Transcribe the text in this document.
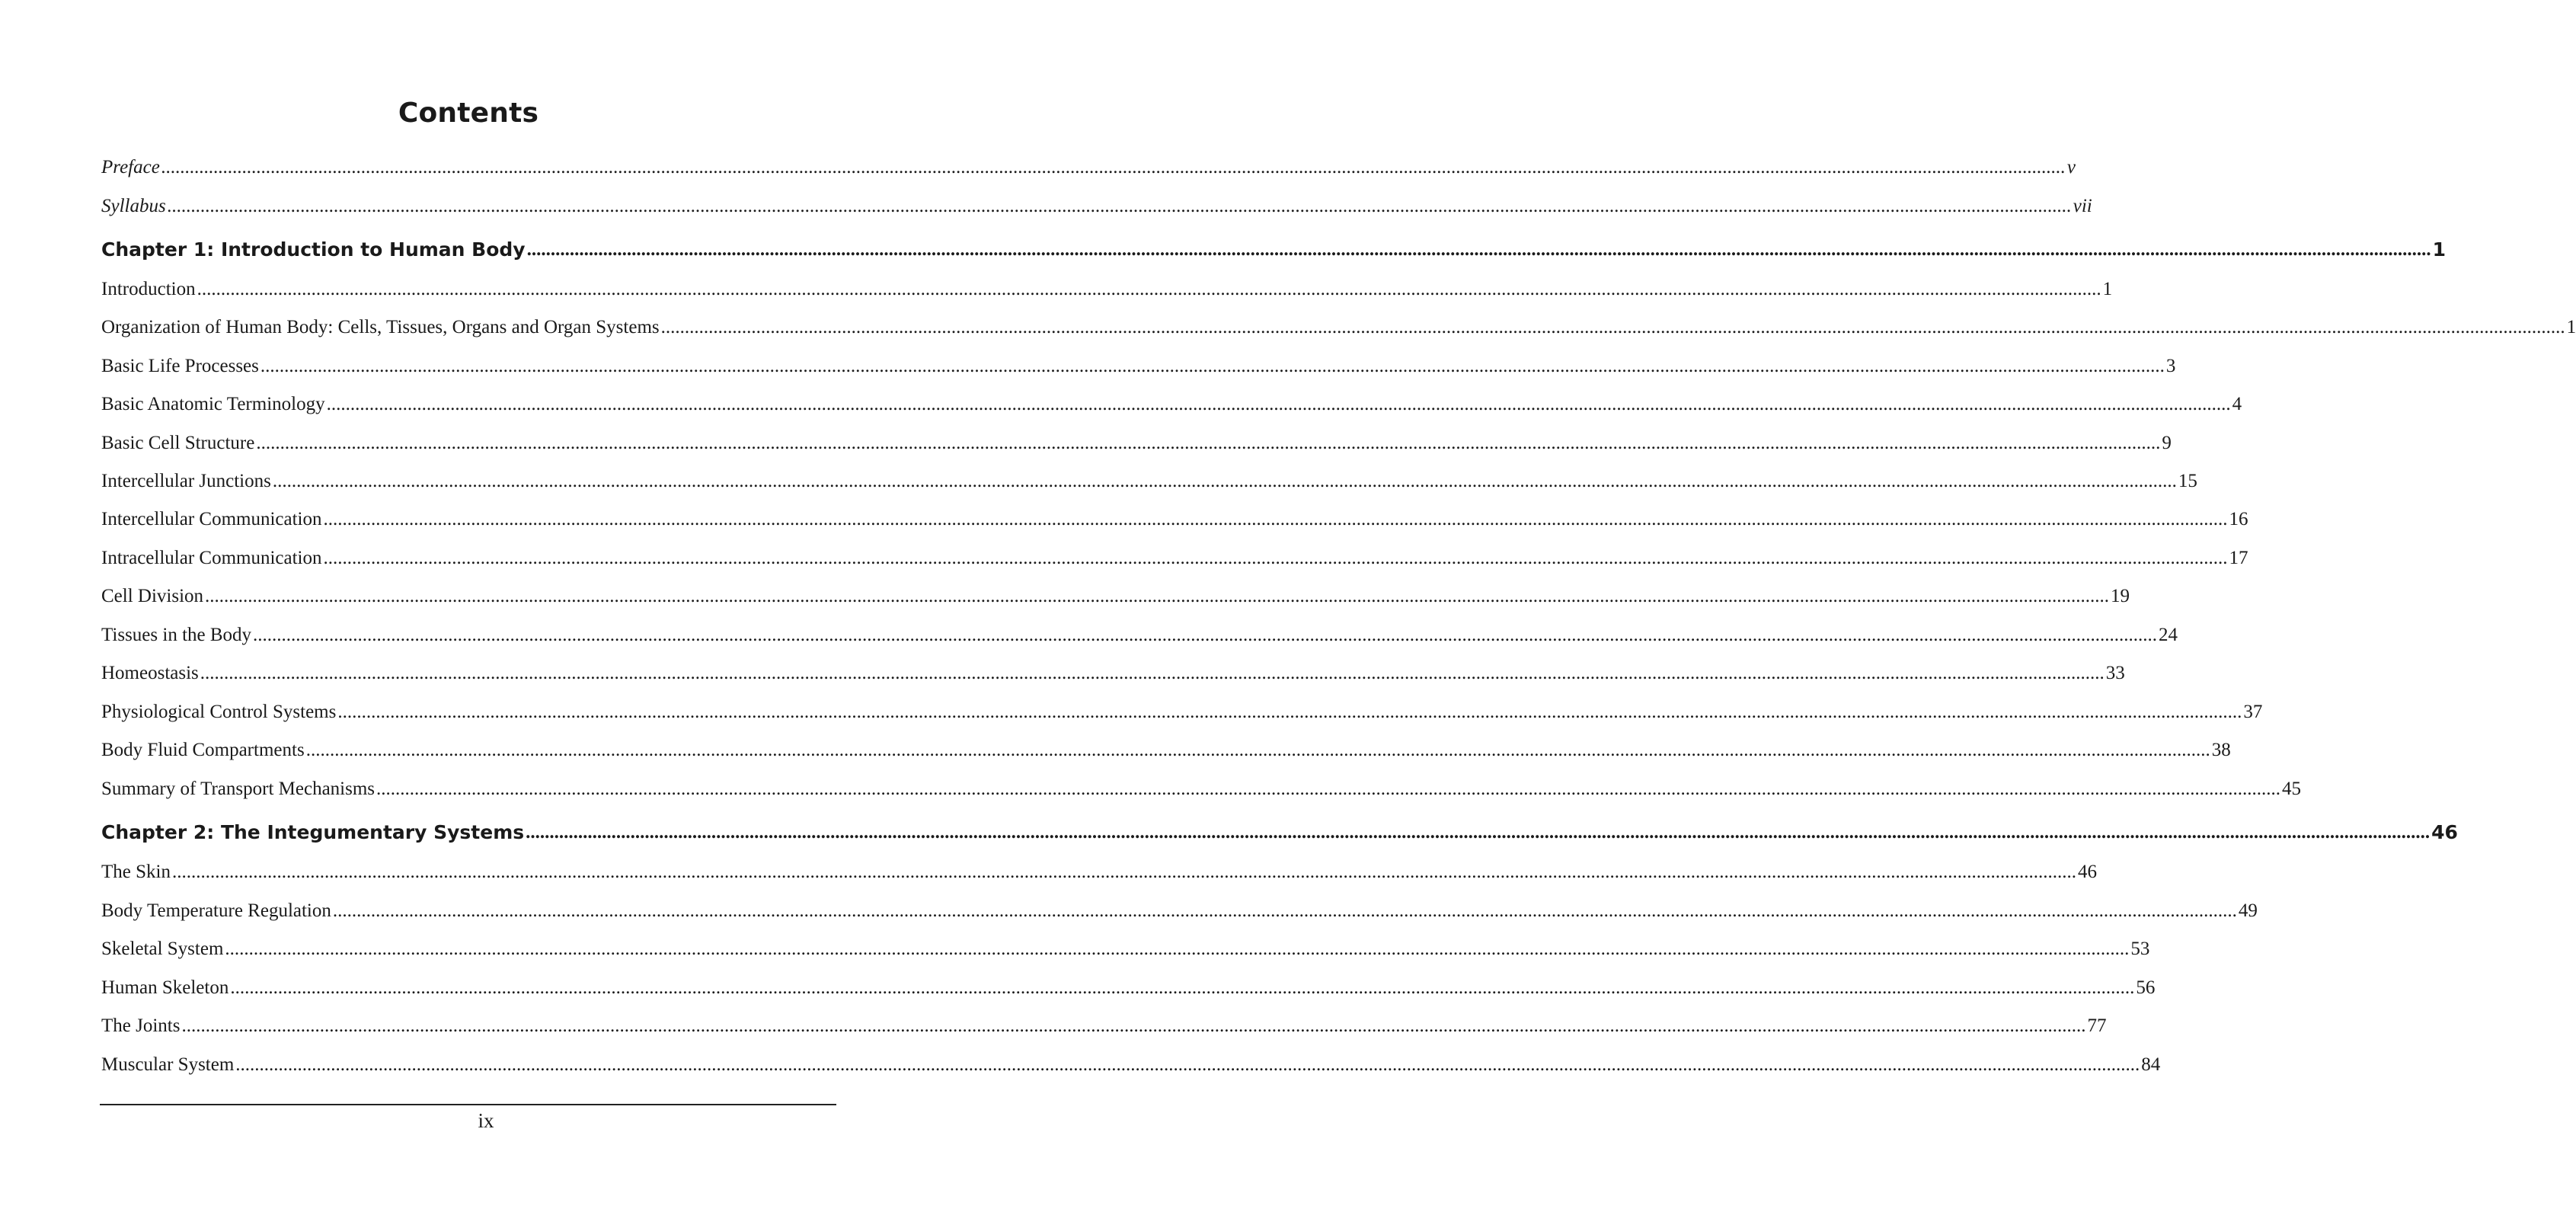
Contents
Preface ................................................................................................................................................................................................................................................................................................................................................................................................................ v
Syllabus ................................................................................................................................................................................................................................................................................................................................................................................................................ vii
Chapter 1: Introduction to Human Body ................................................................................................................................................................................................................................................................................................................................................................................................................ 1
Introduction ................................................................................................................................................................................................................................................................................................................................................................................................................ 1
Organization of Human Body: Cells, Tissues, Organs and Organ Systems ................................................................................................................................................................................................................................................................................................................................................................................................................ 1
Basic Life Processes ................................................................................................................................................................................................................................................................................................................................................................................................................ 3
Basic Anatomic Terminology ................................................................................................................................................................................................................................................................................................................................................................................................................ 4
Basic Cell Structure ................................................................................................................................................................................................................................................................................................................................................................................................................ 9
Intercellular Junctions ................................................................................................................................................................................................................................................................................................................................................................................................................ 15
Intercellular Communication ................................................................................................................................................................................................................................................................................................................................................................................................................ 16
Intracellular Communication ................................................................................................................................................................................................................................................................................................................................................................................................................ 17
Cell Division ................................................................................................................................................................................................................................................................................................................................................................................................................ 19
Tissues in the Body ................................................................................................................................................................................................................................................................................................................................................................................................................ 24
Homeostasis ................................................................................................................................................................................................................................................................................................................................................................................................................ 33
Physiological Control Systems ................................................................................................................................................................................................................................................................................................................................................................................................................ 37
Body Fluid Compartments ................................................................................................................................................................................................................................................................................................................................................................................................................ 38
Summary of Transport Mechanisms ................................................................................................................................................................................................................................................................................................................................................................................................................ 45
Chapter 2: The Integumentary Systems ................................................................................................................................................................................................................................................................................................................................................................................................................ 46
The Skin ................................................................................................................................................................................................................................................................................................................................................................................................................ 46
Body Temperature Regulation ................................................................................................................................................................................................................................................................................................................................................................................................................ 49
Skeletal System ................................................................................................................................................................................................................................................................................................................................................................................................................ 53
Human Skeleton ................................................................................................................................................................................................................................................................................................................................................................................................................ 56
The Joints ................................................................................................................................................................................................................................................................................................................................................................................................................ 77
Muscular System ................................................................................................................................................................................................................................................................................................................................................................................................................ 84
ix
